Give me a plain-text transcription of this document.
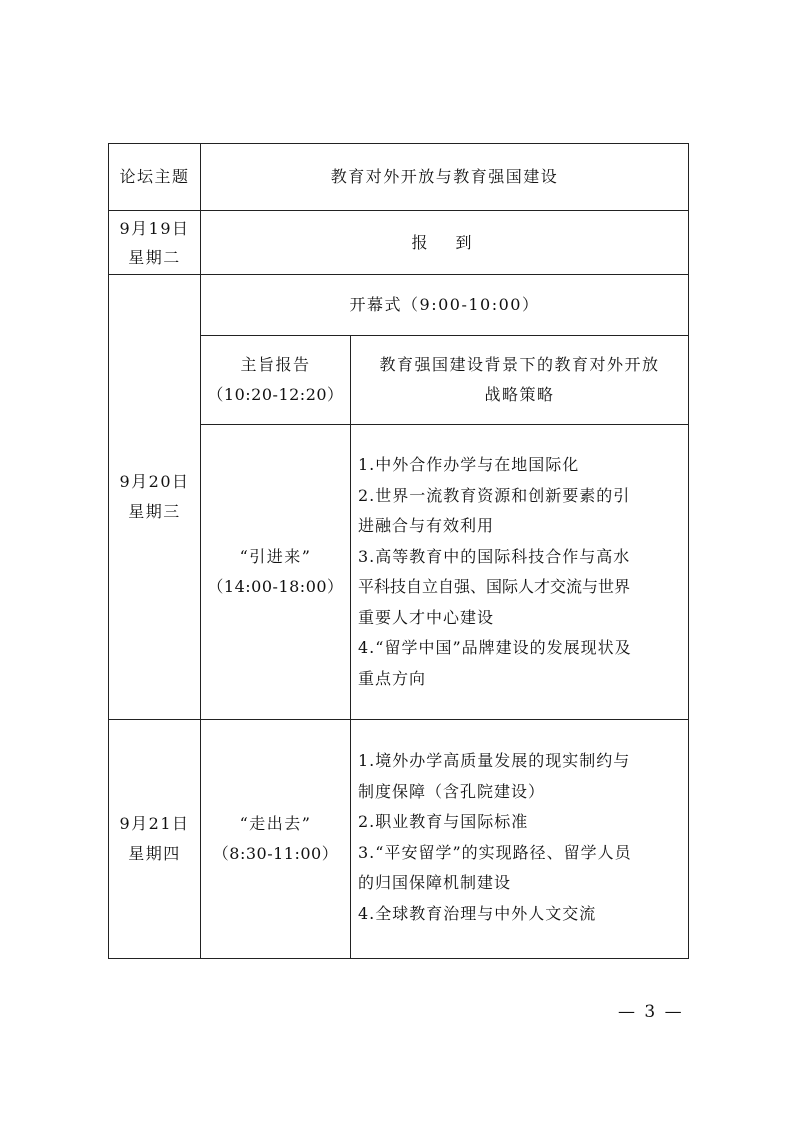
论坛主题	教育对外开放与教育强国建设
9月19日
星期二
报　到
9月20日
星期三
开幕式（9:00-10:00）
主旨报告
（10:20-12:20）
教育强国建设背景下的教育对外开放
战略策略
“引进来”
（14:00-18:00）
1.中外合作办学与在地国际化
2.世界一流教育资源和创新要素的引
进融合与有效利用
3.高等教育中的国际科技合作与高水
平科技自立自强、国际人才交流与世界
重要人才中心建设
4.“留学中国”品牌建设的发展现状及
重点方向
9月21日
星期四
“走出去”
（8:30-11:00）
1.境外办学高质量发展的现实制约与
制度保障（含孔院建设）
2.职业教育与国际标准
3.“平安留学”的实现路径、留学人员
的归国保障机制建设
4.全球教育治理与中外人文交流
— 3 —
